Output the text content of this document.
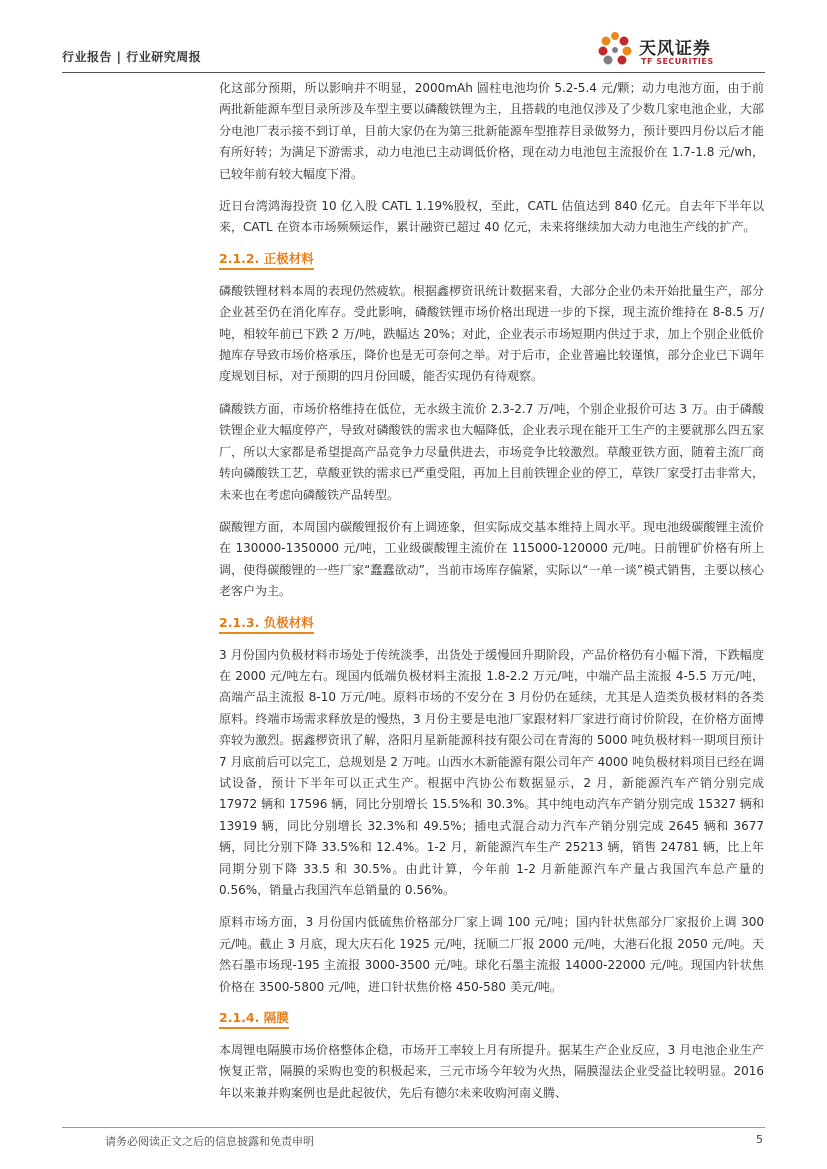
行业报告 | 行业研究周报	天风证券
TF SECURITIES

化这部分预期，所以影响并不明显，2000mAh 圆柱电池均价 5.2-5.4 元/颗；动力电池方面，由于前两批新能源车型目录所涉及车型主要以磷酸铁锂为主，且搭载的电池仅涉及了少数几家电池企业，大部分电池厂表示接不到订单，目前大家仍在为第三批新能源车型推荐目录做努力，预计要四月份以后才能有所好转；为满足下游需求，动力电池已主动调低价格，现在动力电池包主流报价在 1.7-1.8 元/wh，已较年前有较大幅度下滑。

近日台湾鸿海投资 10 亿入股 CATL 1.19%股权，至此，CATL 估值达到 840 亿元。自去年下半年以来，CATL 在资本市场频频运作，累计融资已超过 40 亿元，未来将继续加大动力电池生产线的扩产。

2.1.2. 正极材料

磷酸铁锂材料本周的表现仍然疲软。根据鑫椤资讯统计数据来看，大部分企业仍未开始批量生产，部分企业甚至仍在消化库存。受此影响，磷酸铁锂市场价格出现进一步的下探，现主流价维持在 8-8.5 万/吨，相较年前已下跌 2 万/吨，跌幅达 20%；对此，企业表示市场短期内供过于求，加上个别企业低价抛库存导致市场价格承压，降价也是无可奈何之举。对于后市，企业普遍比较谨慎，部分企业已下调年度规划目标，对于预期的四月份回暖，能否实现仍有待观察。

磷酸铁方面，市场价格维持在低位，无水级主流价 2.3-2.7 万/吨，个别企业报价可达 3 万。由于磷酸铁锂企业大幅度停产，导致对磷酸铁的需求也大幅降低，企业表示现在能开工生产的主要就那么四五家厂，所以大家都是希望提高产品竞争力尽量供进去，市场竞争比较激烈。草酸亚铁方面，随着主流厂商转向磷酸铁工艺，草酸亚铁的需求已严重受阻，再加上目前铁锂企业的停工，草铁厂家受打击非常大，未来也在考虑向磷酸铁产品转型。

碳酸锂方面，本周国内碳酸锂报价有上调迹象，但实际成交基本维持上周水平。现电池级碳酸锂主流价在 130000-1350000 元/吨，工业级碳酸锂主流价在 115000-120000 元/吨。日前锂矿价格有所上调，使得碳酸锂的一些厂家“蠢蠢欲动”，当前市场库存偏紧，实际以“一单一谈”模式销售，主要以核心老客户为主。

2.1.3. 负极材料

3 月份国内负极材料市场处于传统淡季，出货处于缓慢回升期阶段，产品价格仍有小幅下滑，下跌幅度在 2000 元/吨左右。现国内低端负极材料主流报 1.8-2.2 万元/吨，中端产品主流报 4-5.5 万元/吨，高端产品主流报 8-10 万元/吨。原料市场的不安分在 3 月份仍在延续，尤其是人造类负极材料的各类原料。终端市场需求释放是的慢热，3 月份主要是电池厂家跟材料厂家进行商讨价阶段，在价格方面博弈较为激烈。据鑫椤资讯了解，洛阳月星新能源科技有限公司在青海的 5000 吨负极材料一期项目预计 7 月底前后可以完工，总规划是 2 万吨。山西水木新能源有限公司年产 4000 吨负极材料项目已经在调试设备，预计下半年可以正式生产。根据中汽协公布数据显示，2 月，新能源汽车产销分别完成 17972 辆和 17596 辆，同比分别增长 15.5%和 30.3%。其中纯电动汽车产销分别完成 15327 辆和 13919 辆，同比分别增长 32.3%和 49.5%；插电式混合动力汽车产销分别完成 2645 辆和 3677 辆，同比分别下降 33.5%和 12.4%。1-2 月，新能源汽车生产 25213 辆，销售 24781 辆，比上年同期分别下降 33.5 和 30.5%。由此计算，今年前 1-2 月新能源汽车产量占我国汽车总产量的 0.56%，销量占我国汽车总销量的 0.56%。

原料市场方面，3 月份国内低硫焦价格部分厂家上调 100 元/吨；国内针状焦部分厂家报价上调 300 元/吨。截止 3 月底，现大庆石化 1925 元/吨，抚顺二厂报 2000 元/吨，大港石化报 2050 元/吨。天然石墨市场现-195 主流报 3000-3500 元/吨。球化石墨主流报 14000-22000 元/吨。现国内针状焦价格在 3500-5800 元/吨，进口针状焦价格 450-580 美元/吨。

2.1.4. 隔膜

本周锂电隔膜市场价格整体企稳，市场开工率较上月有所提升。据某生产企业反应，3 月电池企业生产恢复正常，隔膜的采购也变的积极起来，三元市场今年较为火热，隔膜湿法企业受益比较明显。2016 年以来兼并购案例也是此起彼伏，先后有德尔未来收购河南义腾、

请务必阅读正文之后的信息披露和免责申明	5
